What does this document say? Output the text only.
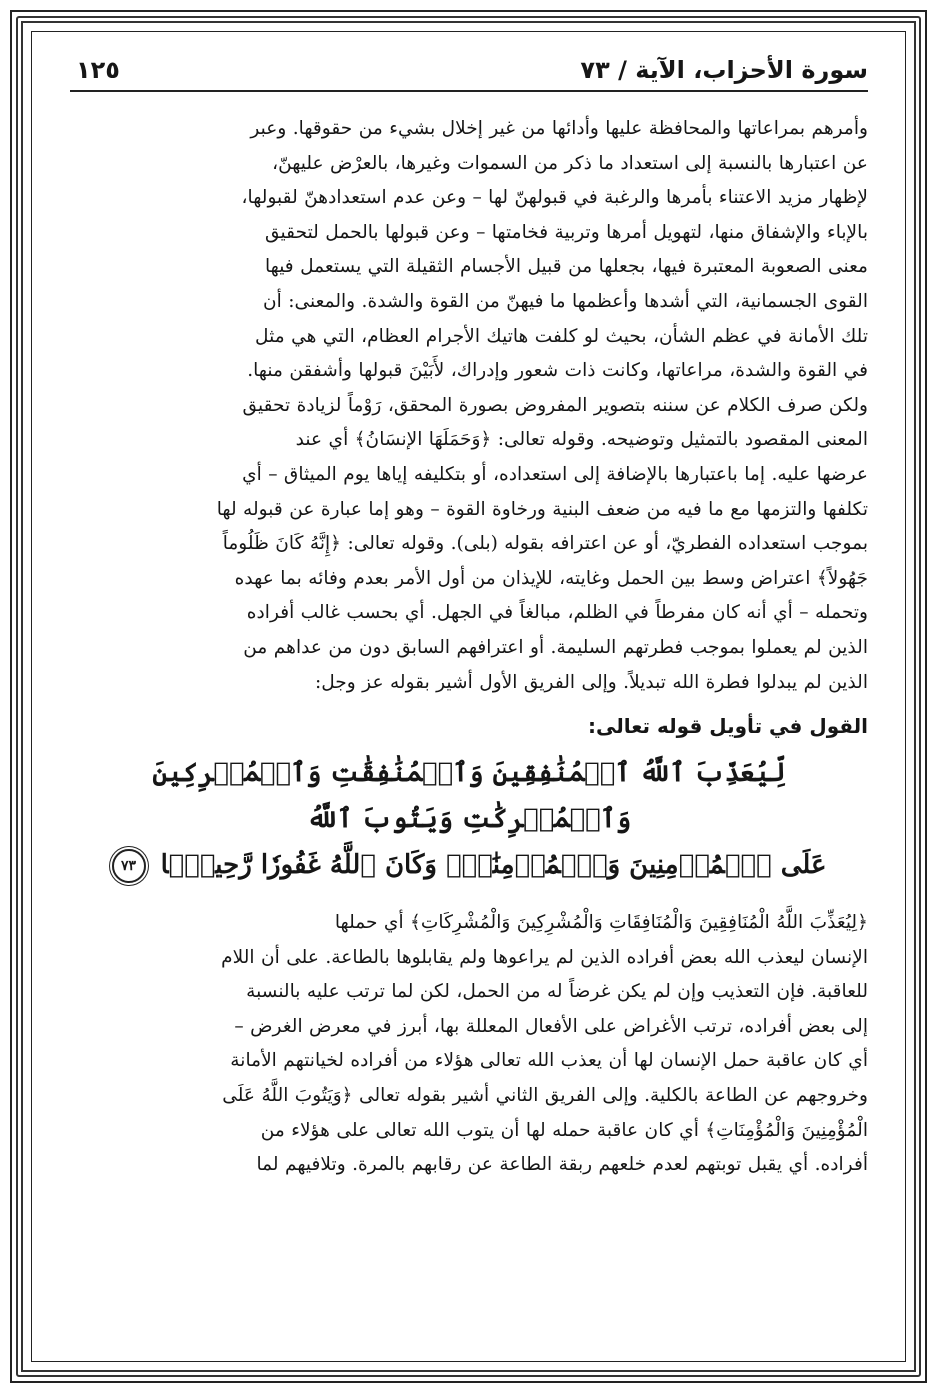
سورة الأحزاب، الآية / ٧٣
١٢٥

وأمرهم بمراعاتها والمحافظة عليها وأدائها من غير إخلال بشيء من حقوقها. وعبر

عن اعتبارها بالنسبة إلى استعداد ما ذكر من السموات وغيرها، بالعرْض عليهنّ،

لإظهار مزيد الاعتناء بأمرها والرغبة في قبولهنّ لها – وعن عدم استعدادهنّ لقبولها،

بالإباء والإشفاق منها، لتهويل أمرها وتربية فخامتها – وعن قبولها بالحمل لتحقيق

معنى الصعوبة المعتبرة فيها، بجعلها من قبيل الأجسام الثقيلة التي يستعمل فيها

القوى الجسمانية، التي أشدها وأعظمها ما فيهنّ من القوة والشدة. والمعنى: أن

تلك الأمانة في عظم الشأن، بحيث لو كلفت هاتيك الأجرام العظام، التي هي مثل

في القوة والشدة، مراعاتها، وكانت ذات شعور وإدراك، لأَبَيْنَ قبولها وأشفقن منها.

ولكن صرف الكلام عن سننه بتصوير المفروض بصورة المحقق، رَوْماً لزيادة تحقيق

المعنى المقصود بالتمثيل وتوضيحه. وقوله تعالى: ﴿وَحَمَلَهَا الإنسَانُ﴾ أي عند

عرضها عليه. إما باعتبارها بالإضافة إلى استعداده، أو بتكليفه إياها يوم الميثاق – أي

تكلفها والتزمها مع ما فيه من ضعف البنية ورخاوة القوة – وهو إما عبارة عن قبوله لها

بموجب استعداده الفطريّ، أو عن اعترافه بقوله (بلى). وقوله تعالى: ﴿إِنَّهُ كَانَ ظَلُوماً

جَهُولاً﴾ اعتراض وسط بين الحمل وغايته، للإيذان من أول الأمر بعدم وفائه بما عهده

وتحمله – أي أنه كان مفرطاً في الظلم، مبالغاً في الجهل. أي بحسب غالب أفراده

الذين لم يعملوا بموجب فطرتهم السليمة. أو اعترافهم السابق دون من عداهم من

الذين لم يبدلوا فطرة الله تبديلاً. وإلى الفريق الأول أشير بقوله عز وجل:

القول في تأويل قوله تعالى:
لِّيُعَذِّبَ ٱللَّهُ ٱلۡمُنَٰفِقِينَ وَٱلۡمُنَٰفِقَٰتِ وَٱلۡمُشۡرِكِينَ وَٱلۡمُشۡرِكَٰتِ وَيَتُوبَ ٱللَّهُ
عَلَى ٱلۡمُؤۡمِنِينَ وَٱلۡمُؤۡمِنَٰتِۗ وَكَانَ ٱللَّهُ غَفُورٗا رَّحِيمَۢا ٧٣

﴿لِيُعَذِّبَ اللَّهُ الْمُنَافِقِينَ وَالْمُنَافِقَاتِ وَالْمُشْرِكِينَ وَالْمُشْرِكَاتِ﴾ أي حملها

الإنسان ليعذب الله بعض أفراده الذين لم يراعوها ولم يقابلوها بالطاعة. على أن اللام

للعاقبة. فإن التعذيب وإن لم يكن غرضاً له من الحمل، لكن لما ترتب عليه بالنسبة

إلى بعض أفراده، ترتب الأغراض على الأفعال المعللة بها، أبرز في معرض الغرض –

أي كان عاقبة حمل الإنسان لها أن يعذب الله تعالى هؤلاء من أفراده لخيانتهم الأمانة

وخروجهم عن الطاعة بالكلية. وإلى الفريق الثاني أشير بقوله تعالى ﴿وَيَتُوبَ اللَّهُ عَلَى

الْمُؤْمِنِينَ وَالْمُؤْمِنَاتِ﴾ أي كان عاقبة حمله لها أن يتوب الله تعالى على هؤلاء من

أفراده. أي يقبل توبتهم لعدم خلعهم ربقة الطاعة عن رقابهم بالمرة. وتلافيهم لما
